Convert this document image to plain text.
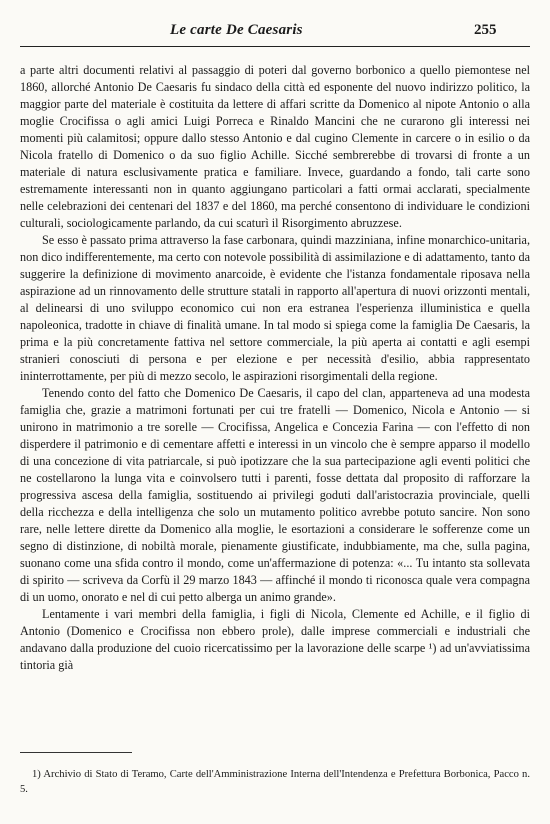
Le carte De Caesaris	255

a parte altri documenti relativi al passaggio di poteri dal governo borbonico a quello piemontese nel 1860, allorché Antonio De Caesaris fu sindaco della città ed esponente del nuovo indirizzo politico, la maggior parte del materiale è costituita da lettere di affari scritte da Domenico al nipote Antonio o alla moglie Crocifissa o agli amici Luigi Porreca e Rinaldo Mancini che ne curarono gli interessi nei momenti più calamitosi; oppure dallo stesso Antonio e dal cugino Clemente in carcere o in esilio o da Nicola fratello di Domenico o da suo figlio Achille. Sicché sembrerebbe di trovarsi di fronte a un materiale di natura esclusivamente pratica e familiare. Invece, guardando a fondo, tali carte sono estremamente interessanti non in quanto aggiungano particolari a fatti ormai acclarati, specialmente nelle celebrazioni dei centenari del 1837 e del 1860, ma perché consentono di individuare le condizioni culturali, sociologicamente parlando, da cui scaturì il Risorgimento abruzzese.

Se esso è passato prima attraverso la fase carbonara, quindi mazziniana, infine monarchico-unitaria, non dico indifferentemente, ma certo con notevole possibilità di assimilazione e di adattamento, tanto da suggerire la definizione di movimento anarcoide, è evidente che l'istanza fondamentale riposava nella aspirazione ad un rinnovamento delle strutture statali in rapporto all'apertura di nuovi orizzonti mentali, al delinearsi di uno sviluppo economico cui non era estranea l'esperienza illuministica e quella napoleonica, tradotte in chiave di finalità umane. In tal modo si spiega come la famiglia De Caesaris, la prima e la più concretamente fattiva nel settore commerciale, la più aperta ai contatti e agli esempi stranieri conosciuti di persona e per elezione e per necessità d'esilio, abbia rappresentato ininterrottamente, per più di mezzo secolo, le aspirazioni risorgimentali della regione.

Tenendo conto del fatto che Domenico De Caesaris, il capo del clan, apparteneva ad una modesta famiglia che, grazie a matrimoni fortunati per cui tre fratelli — Domenico, Nicola e Antonio — si unirono in matrimonio a tre sorelle — Crocifissa, Angelica e Concezia Farina — con l'effetto di non disperdere il patrimonio e di cementare affetti e interessi in un vincolo che è sempre apparso il modello di una concezione di vita patriarcale, si può ipotizzare che la sua partecipazione agli eventi politici che ne costellarono la lunga vita e coinvolsero tutti i parenti, fosse dettata dal proposito di rafforzare la progressiva ascesa della famiglia, sostituendo ai privilegi goduti dall'aristocrazia provinciale, quelli della ricchezza e della intelligenza che solo un mutamento politico avrebbe potuto sancire. Non sono rare, nelle lettere dirette da Domenico alla moglie, le esortazioni a considerare le sofferenze come un segno di distinzione, di nobiltà morale, pienamente giustificate, indubbiamente, ma che, sulla pagina, suonano come una sfida contro il mondo, come un'affermazione di potenza: «... Tu intanto sta sollevata di spirito — scriveva da Corfù il 29 marzo 1843 — affinché il mondo ti riconosca quale vera compagna di un uomo, onorato e nel di cui petto alberga un animo grande».

Lentamente i vari membri della famiglia, i figli di Nicola, Clemente ed Achille, e il figlio di Antonio (Domenico e Crocifissa non ebbero prole), dalle imprese commerciali e industriali che andavano dalla produzione del cuoio ricercatissimo per la lavorazione delle scarpe ¹) ad un'avviatissima tintoria già

1) Archivio di Stato di Teramo, Carte dell'Amministrazione Interna dell'Intendenza e Prefettura Borbonica, Pacco n. 5.
